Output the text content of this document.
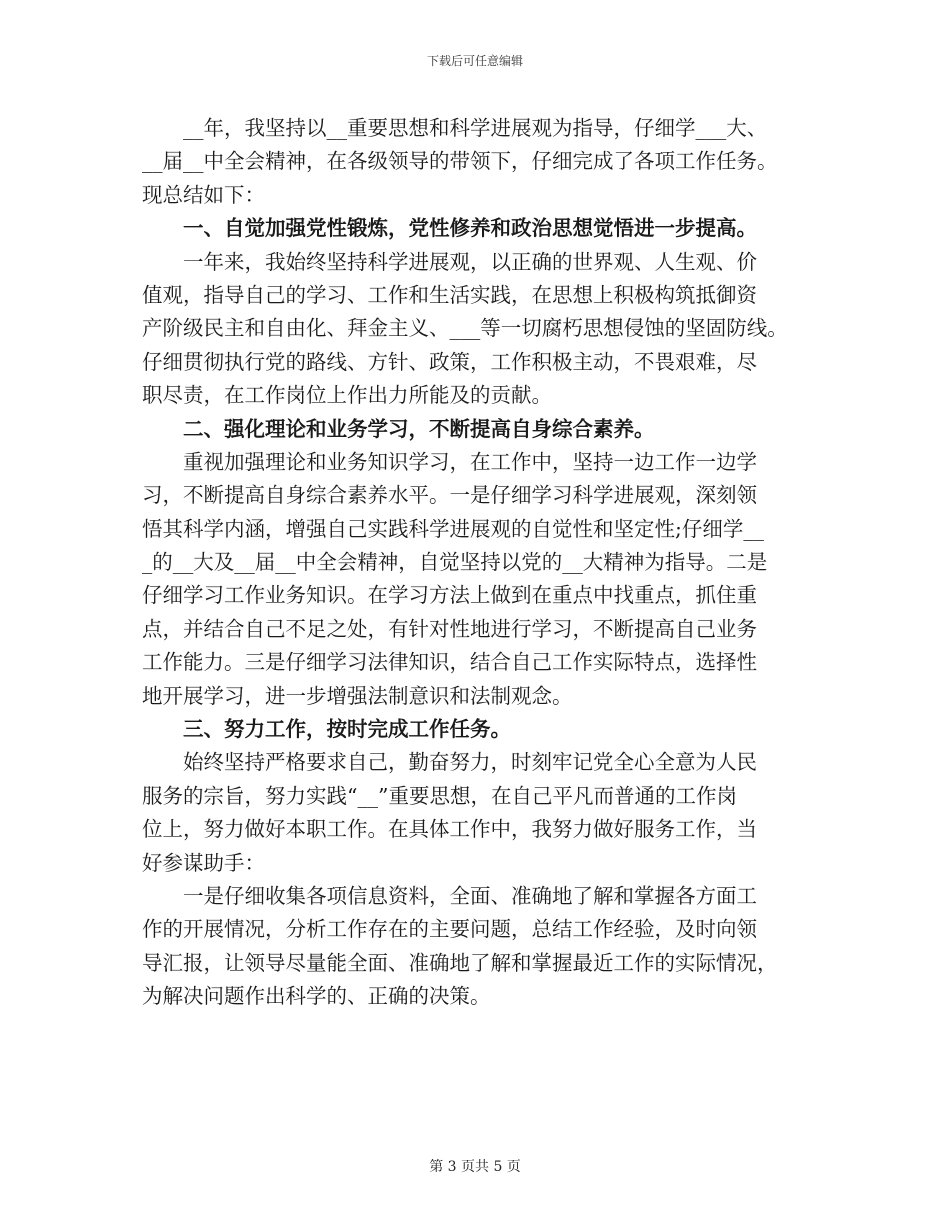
下载后可任意编辑
　　__年，我坚持以__重要思想和科学进展观为指导，仔细学___大、
__届__中全会精神，在各级领导的带领下，仔细完成了各项工作任务。
现总结如下：
　　一、自觉加强党性锻炼，党性修养和政治思想觉悟进一步提高。
　　一年来，我始终坚持科学进展观，以正确的世界观、人生观、价
值观，指导自己的学习、工作和生活实践，在思想上积极构筑抵御资
产阶级民主和自由化、拜金主义、___等一切腐朽思想侵蚀的坚固防线。
仔细贯彻执行党的路线、方针、政策，工作积极主动，不畏艰难，尽
职尽责，在工作岗位上作出力所能及的贡献。
　　二、强化理论和业务学习，不断提高自身综合素养。
　　重视加强理论和业务知识学习，在工作中，坚持一边工作一边学
习，不断提高自身综合素养水平。一是仔细学习科学进展观，深刻领
悟其科学内涵，增强自己实践科学进展观的自觉性和坚定性;仔细学__
_的__大及__届__中全会精神，自觉坚持以党的__大精神为指导。二是
仔细学习工作业务知识。在学习方法上做到在重点中找重点，抓住重
点，并结合自己不足之处，有针对性地进行学习，不断提高自己业务
工作能力。三是仔细学习法律知识，结合自己工作实际特点，选择性
地开展学习，进一步增强法制意识和法制观念。
　　三、努力工作，按时完成工作任务。
　　始终坚持严格要求自己，勤奋努力，时刻牢记党全心全意为人民
服务的宗旨，努力实践“__”重要思想，在自己平凡而普通的工作岗
位上，努力做好本职工作。在具体工作中，我努力做好服务工作，当
好参谋助手：
　　一是仔细收集各项信息资料，全面、准确地了解和掌握各方面工
作的开展情况，分析工作存在的主要问题，总结工作经验，及时向领
导汇报，让领导尽量能全面、准确地了解和掌握最近工作的实际情况，
为解决问题作出科学的、正确的决策。
第 3 页共 5 页
